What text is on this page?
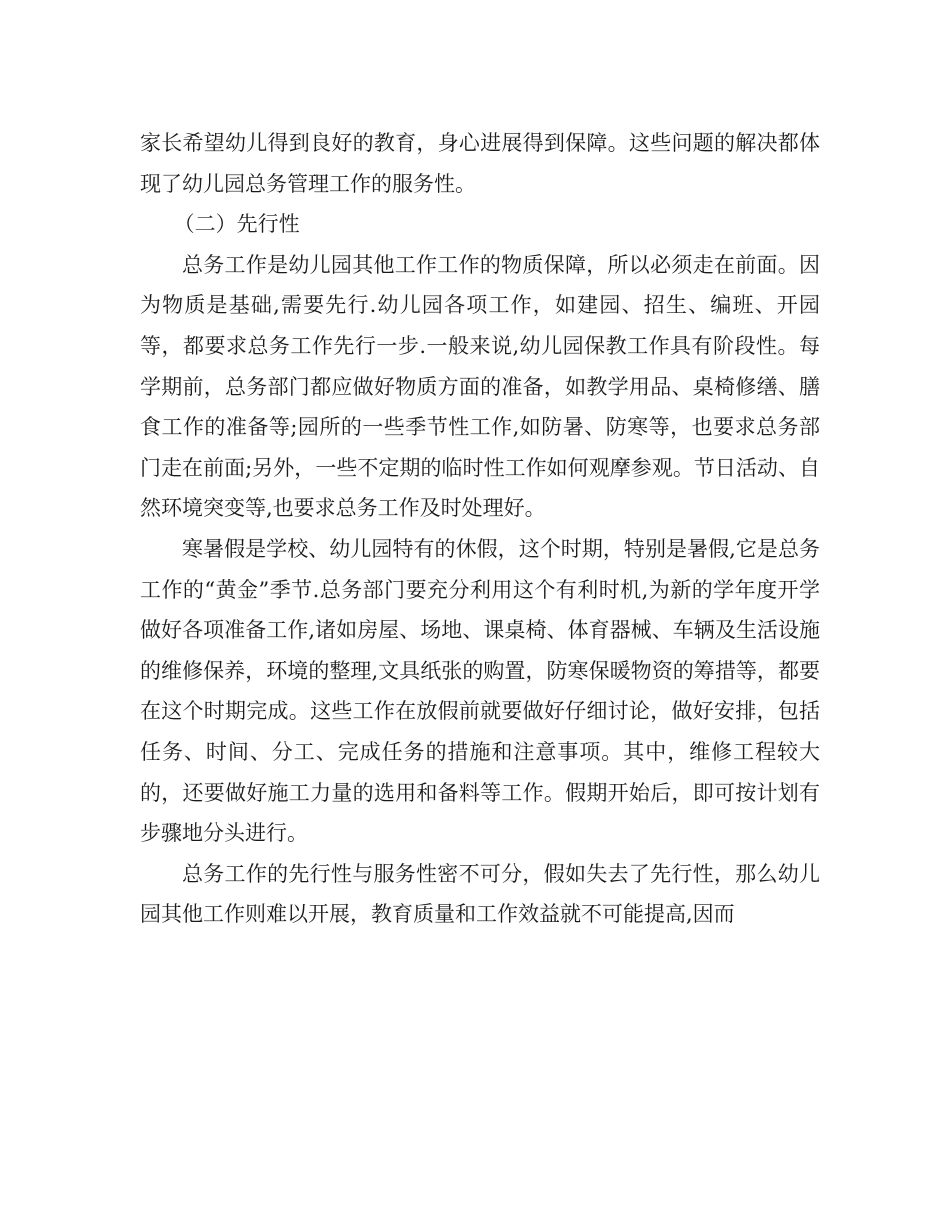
家长希望幼儿得到良好的教育，身心进展得到保障。这些问题的解决都体现了幼儿园总务管理工作的服务性。

（二）先行性

总务工作是幼儿园其他工作工作的物质保障，所以必须走在前面。因为物质是基础,需要先行.幼儿园各项工作，如建园、招生、编班、开园等，都要求总务工作先行一步.一般来说,幼儿园保教工作具有阶段性。每学期前，总务部门都应做好物质方面的准备，如教学用品、桌椅修缮、膳食工作的准备等;园所的一些季节性工作,如防暑、防寒等，也要求总务部门走在前面;另外，一些不定期的临时性工作如何观摩参观。节日活动、自然环境突变等,也要求总务工作及时处理好。

寒暑假是学校、幼儿园特有的休假，这个时期，特别是暑假,它是总务工作的“黄金”季节.总务部门要充分利用这个有利时机,为新的学年度开学做好各项准备工作,诸如房屋、场地、课桌椅、体育器械、车辆及生活设施的维修保养，环境的整理,文具纸张的购置，防寒保暖物资的筹措等，都要在这个时期完成。这些工作在放假前就要做好仔细讨论，做好安排，包括任务、时间、分工、完成任务的措施和注意事项。其中，维修工程较大的，还要做好施工力量的选用和备料等工作。假期开始后，即可按计划有步骤地分头进行。

总务工作的先行性与服务性密不可分，假如失去了先行性，那么幼儿园其他工作则难以开展，教育质量和工作效益就不可能提高,因而
